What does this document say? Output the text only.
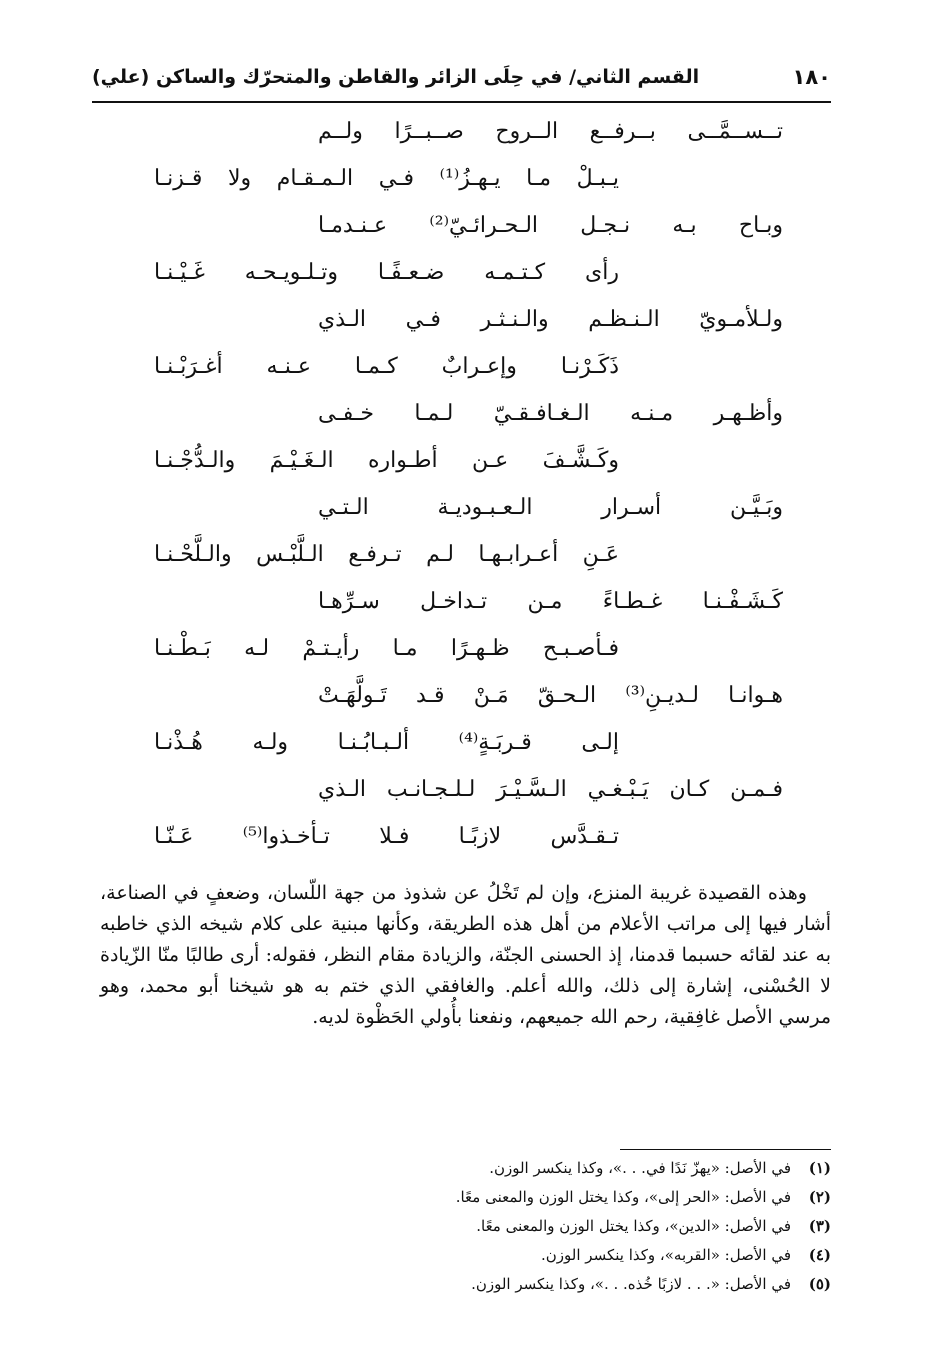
١٨٠
القسم الثاني/ في حِلَى الزائر والقاطن والمتحرّك والساكن (علي)
تــســمَّــى بــرفــع الــروح صــبــرًا ولــم
يـبـلْ مـا يـهـزُ⁽¹⁾ فـي الـمـقـام ولا قـزنـا
وبـاح بـه نـجـل الـحـرائـيّ⁽²⁾ عـنـدمـا
رأى كـتـمـه ضـعـفًـا وتـلـويـحـه غَـيْـنـا
ولـلأمـويّ الـنـظـم والـنـثـر فـي الـذي
ذَكَـرْنـا وإعـرابٌ كـمـا عـنـه أغـرَبْـنـا
وأظـهـر مـنـه الـغـافـقـيّ لـمـا خـفـى
وكَـشَّـفَ عـن أطـواره الـغَـيْـمَ والـدُّجْـنـا
وبَـيَّـن أسـرار الـعـبـوديـة الـتـي
عَـنِ أعـرابـهـا لـم تـرفـع الـلَّبْـس والـلَّحْـنـا
كَـشَـفْـنـا غـطـاءً مـن تـداخـل سـرِّهـا
فـأصـبـح ظـهـرًا مـا رأيـتـمْ لـه بَـطْـنـا
هـوانـا لـديـنِ⁽³⁾ الـحـقّ مَـنْ قـد تَـولَّهَـتْ
إلـى قـربَـةٍ⁽⁴⁾ ألـبـابُـنـا ولـه هُـذْنـا
فـمـن كـان يَـبْـغـي الـسَّـيْـرَ لـلـجـانـب الـذي
تـقـدَّس لازبًـا فـلا تـأخـذوا⁽⁵⁾ عَـنّـا

وهذه القصيدة غريبة المنزع، وإن لم تَخْلُ عن شذوذ من جهة اللّسان، وضعفٍ في الصناعة، أشار فيها إلى مراتب الأعلام من أهل هذه الطريقة، وكأنها مبنية على كلام شيخه الذي خاطبه به عند لقائه حسبما قدمنا، إذ الحسنى الجنّة، والزيادة مقام النظر، فقوله: أرى طالبًا منّا الزّيادة لا الحُسْنى، إشارة إلى ذلك، والله أعلم. والغافقي الذي ختم به هو شيخنا أبو محمد، وهو مرسي الأصل غافِقية، رحم الله جميعهم، ونفعنا بأُولي الحَظْوة لديه.

(١)
في الأصل: «يهزّ نَدًا في. . .»، وكذا ينكسر الوزن.
(٢)
في الأصل: «الحر إلى»، وكذا يختل الوزن والمعنى معًا.
(٣)
في الأصل: «الدين»، وكذا يختل الوزن والمعنى معًا.
(٤)
في الأصل: «القربه»، وكذا ينكسر الوزن.
(٥)
في الأصل: «. . . لازبًا خُذه. . .»، وكذا ينكسر الوزن.
